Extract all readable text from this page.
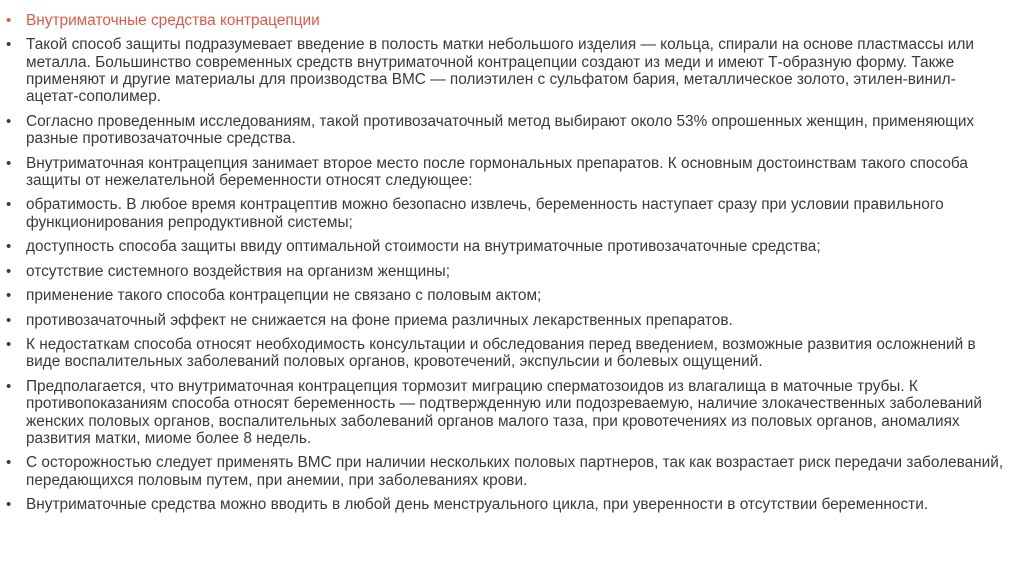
• Внутриматочные средства контрацепции
• Такой способ защиты подразумевает введение в полость матки небольшого изделия — кольца, спирали на основе пластмассы или металла. Большинство современных средств внутриматочной контрацепции создают из меди и имеют Т-образную форму. Также применяют и другие материалы для производства ВМС — полиэтилен с сульфатом бария, металлическое золото, этилен-винил-ацетат-сополимер.
• Согласно проведенным исследованиям, такой противозачаточный метод выбирают около 53% опрошенных женщин, применяющих разные противозачаточные средства.
• Внутриматочная контрацепция занимает второе место после гормональных препаратов. К основным достоинствам такого способа защиты от нежелательной беременности относят следующее:
• обратимость. В любое время контрацептив можно безопасно извлечь, беременность наступает сразу при условии правильного функционирования репродуктивной системы;
• доступность способа защиты ввиду оптимальной стоимости на внутриматочные противозачаточные средства;
• отсутствие системного воздействия на организм женщины;
• применение такого способа контрацепции не связано с половым актом;
• противозачаточный эффект не снижается на фоне приема различных лекарственных препаратов.
• К недостаткам способа относят необходимость консультации и обследования перед введением, возможные развития осложнений в виде воспалительных заболеваний половых органов, кровотечений, экспульсии и болевых ощущений.
• Предполагается, что внутриматочная контрацепция тормозит миграцию сперматозоидов из влагалища в маточные трубы. К противопоказаниям способа относят беременность — подтвержденную или подозреваемую, наличие злокачественных заболеваний женских половых органов, воспалительных заболеваний органов малого таза, при кровотечениях из половых органов, аномалиях развития матки, миоме более 8 недель.
• С осторожностью следует применять ВМС при наличии нескольких половых партнеров, так как возрастает риск передачи заболеваний, передающихся половым путем, при анемии, при заболеваниях крови.
• Внутриматочные средства можно вводить в любой день менструального цикла, при уверенности в отсутствии беременности.
